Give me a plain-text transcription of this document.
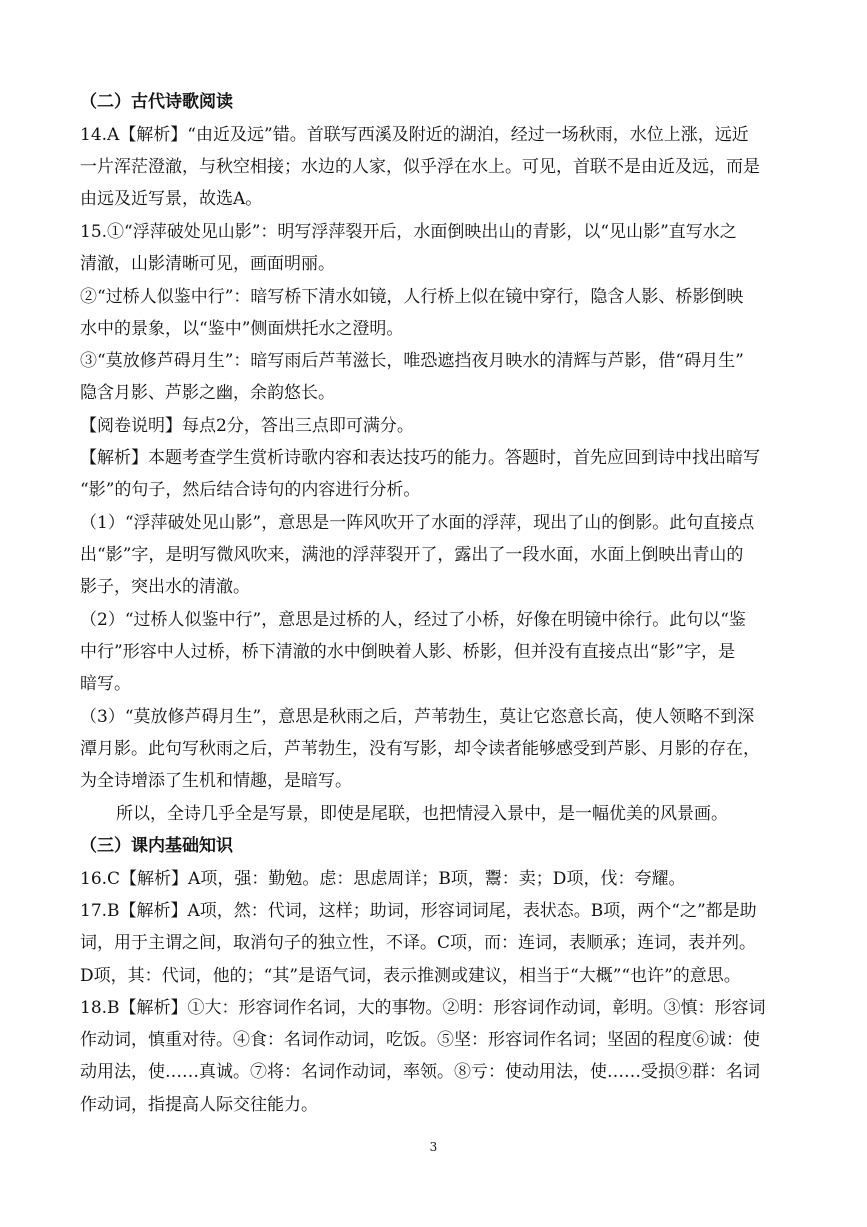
（二）古代诗歌阅读
14.A【解析】“由近及远”错。首联写西溪及附近的湖泊，经过一场秋雨，水位上涨，远近
一片浑茫澄澈，与秋空相接；水边的人家，似乎浮在水上。可见，首联不是由近及远，而是
由远及近写景，故选A。
15.①“浮萍破处见山影”：明写浮萍裂开后，水面倒映出山的青影，以“见山影”直写水之
清澈，山影清晰可见，画面明丽。
②“过桥人似鉴中行”：暗写桥下清水如镜，人行桥上似在镜中穿行，隐含人影、桥影倒映
水中的景象，以“鉴中”侧面烘托水之澄明。
③“莫放修芦碍月生”：暗写雨后芦苇滋长，唯恐遮挡夜月映水的清辉与芦影，借“碍月生”
隐含月影、芦影之幽，余韵悠长。
【阅卷说明】每点2分，答出三点即可满分。
【解析】本题考查学生赏析诗歌内容和表达技巧的能力。答题时，首先应回到诗中找出暗写
“影”的句子，然后结合诗句的内容进行分析。
（1）“浮萍破处见山影”，意思是一阵风吹开了水面的浮萍，现出了山的倒影。此句直接点
出“影”字，是明写微风吹来，满池的浮萍裂开了，露出了一段水面，水面上倒映出青山的
影子，突出水的清澈。
（2）“过桥人似鉴中行”，意思是过桥的人，经过了小桥，好像在明镜中徐行。此句以“鉴
中行”形容中人过桥，桥下清澈的水中倒映着人影、桥影，但并没有直接点出“影”字，是
暗写。
（3）“莫放修芦碍月生”，意思是秋雨之后，芦苇勃生，莫让它恣意长高，使人领略不到深
潭月影。此句写秋雨之后，芦苇勃生，没有写影，却令读者能够感受到芦影、月影的存在，
为全诗增添了生机和情趣，是暗写。
所以，全诗几乎全是写景，即使是尾联，也把情浸入景中，是一幅优美的风景画。
（三）课内基础知识
16.C【解析】A项，强：勤勉。虑：思虑周详；B项，鬻：卖；D项，伐：夸耀。
17.B【解析】A项，然：代词，这样；助词，形容词词尾，表状态。B项，两个“之”都是助
词，用于主谓之间，取消句子的独立性，不译。C项，而：连词，表顺承；连词，表并列。
D项，其：代词，他的；“其”是语气词，表示推测或建议，相当于“大概”“也许”的意思。
18.B【解析】①大：形容词作名词，大的事物。②明：形容词作动词，彰明。③慎：形容词
作动词，慎重对待。④食：名词作动词，吃饭。⑤坚：形容词作名词；坚固的程度⑥诚：使
动用法，使……真诚。⑦将：名词作动词，率领。⑧亏：使动用法，使……受损⑨群：名词
作动词，指提高人际交往能力。
3
